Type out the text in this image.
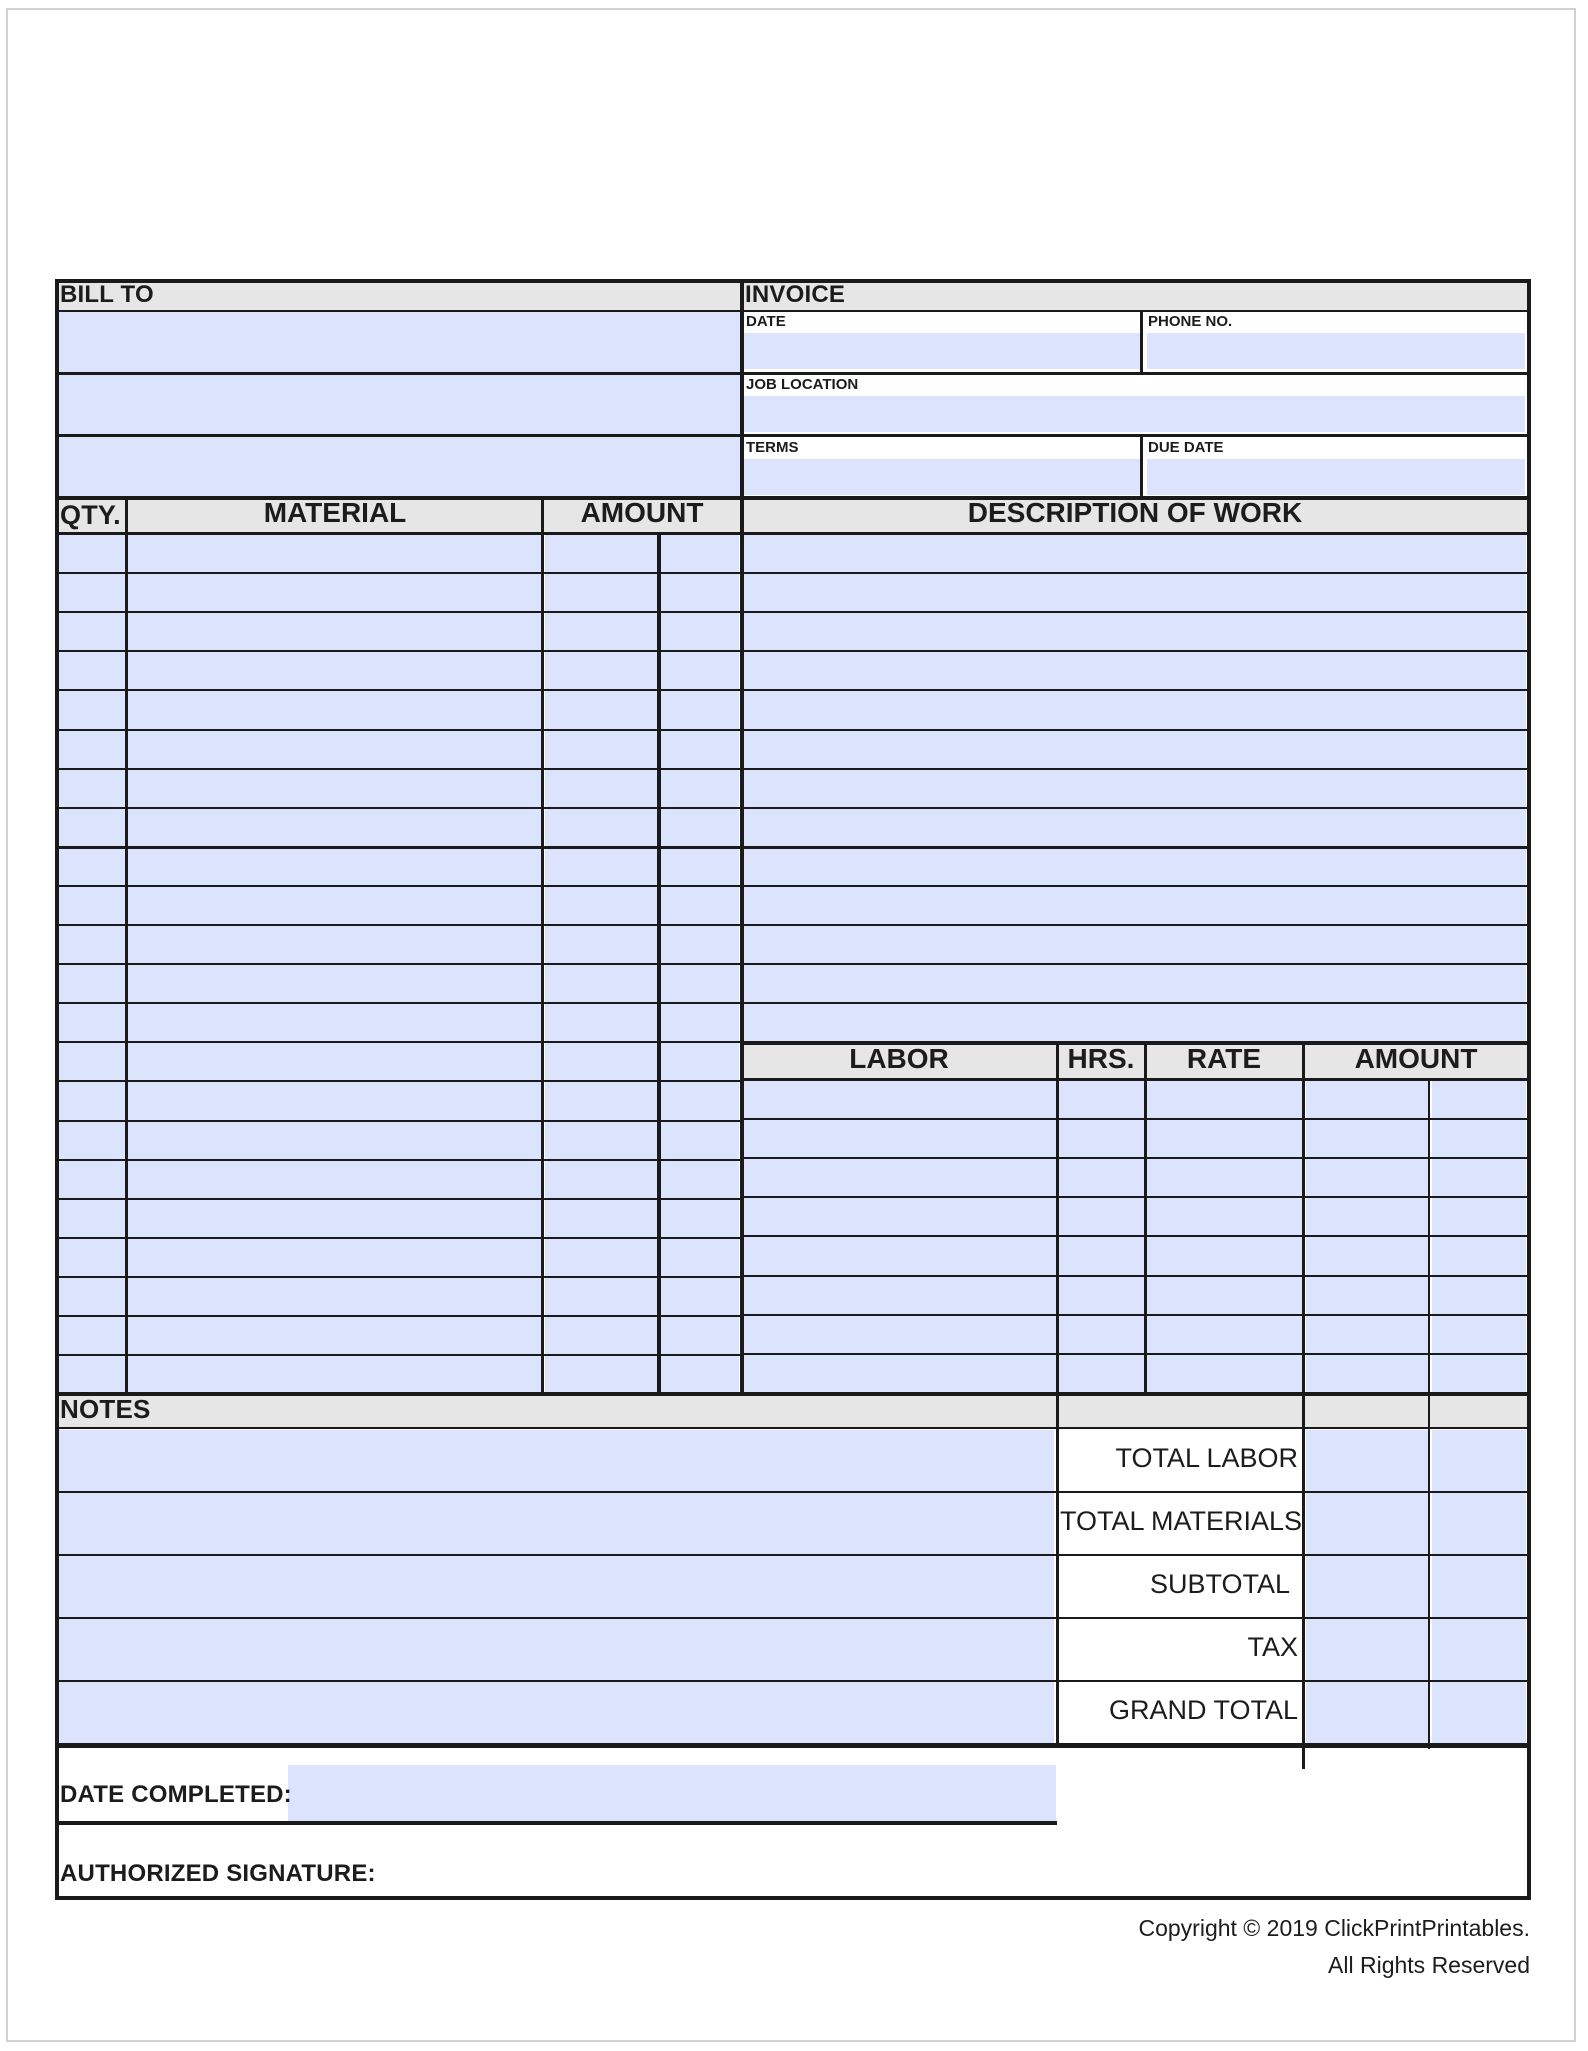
BILL TO	INVOICE
DATE	PHONE NO.
JOB LOCATION
TERMS	DUE DATE
QTY.	MATERIAL	AMOUNT	DESCRIPTION OF WORK
LABOR	HRS.	RATE	AMOUNT
NOTES
TOTAL LABOR
TOTAL MATERIALS
SUBTOTAL
TAX
GRAND TOTAL
DATE COMPLETED:
AUTHORIZED SIGNATURE:
Copyright © 2019 ClickPrintPrintables.
All Rights Reserved
